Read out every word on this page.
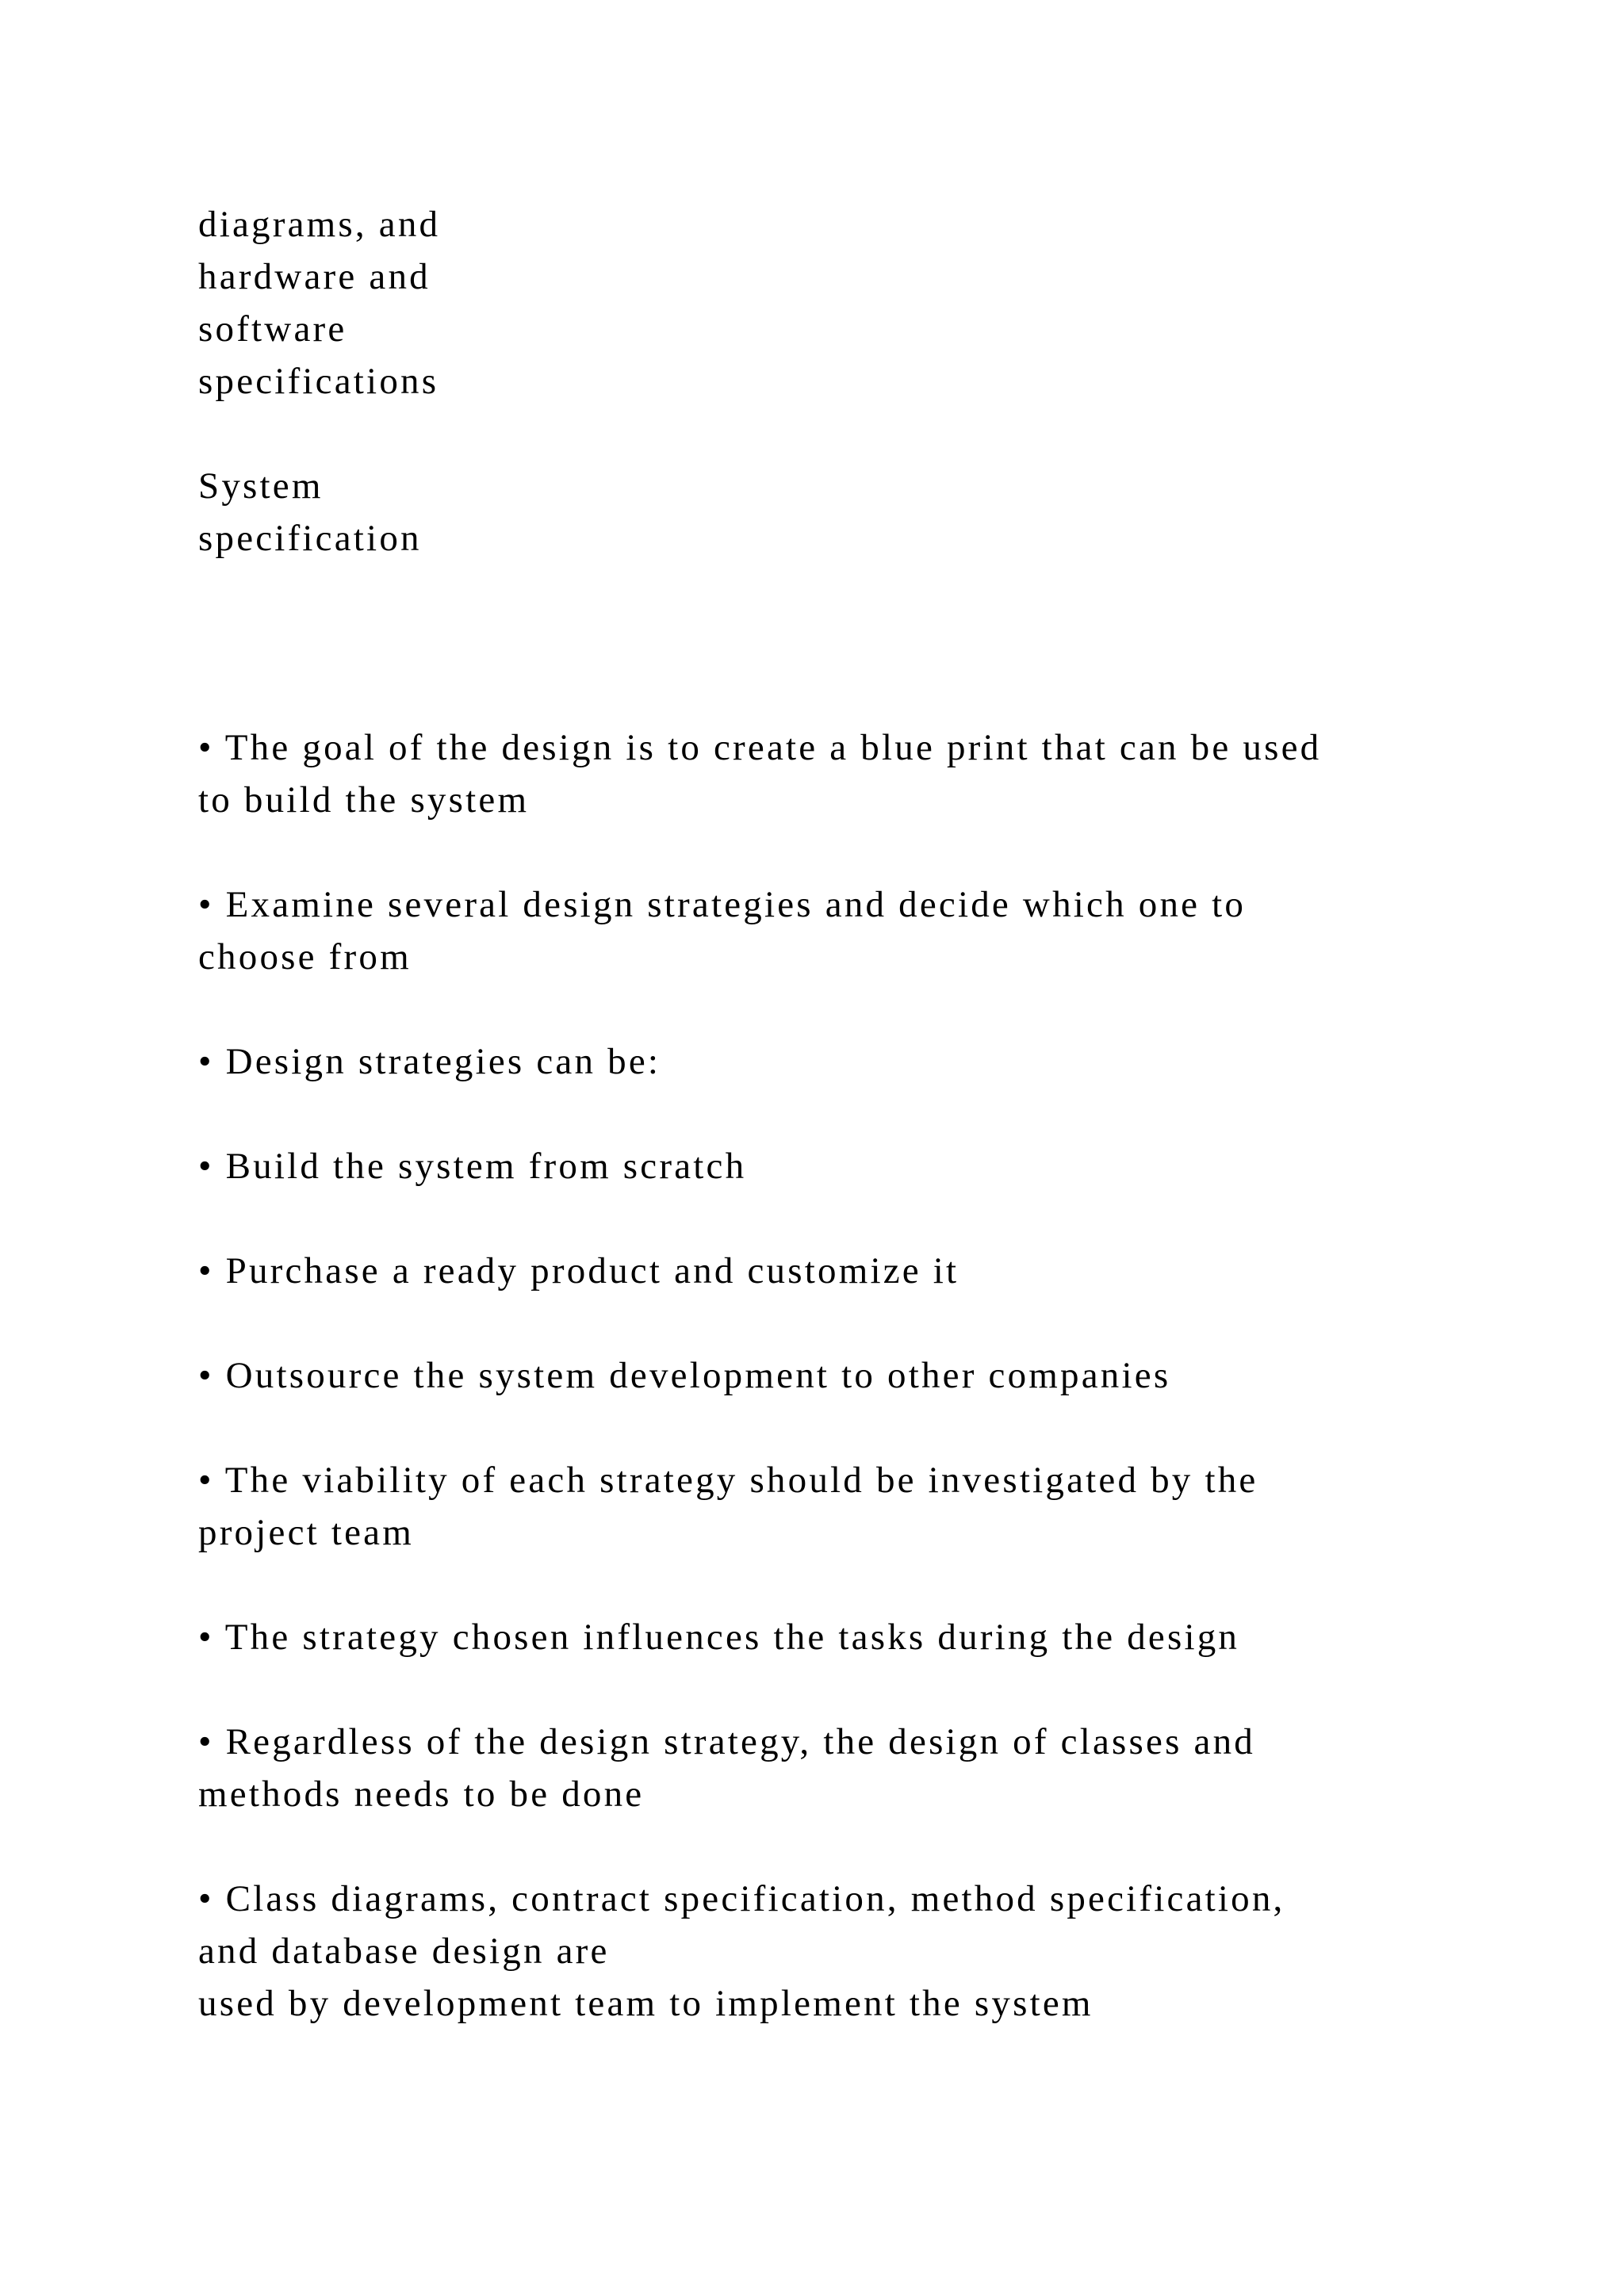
diagrams, and

hardware and

software

specifications

System

specification

• The goal of the design is to create a blue print that can be used

to build the system

• Examine several design strategies and decide which one to

choose from

• Design strategies can be:

• Build the system from scratch

• Purchase a ready product and customize it

• Outsource the system development to other companies

• The viability of each strategy should be investigated by the

project team

• The strategy chosen influences the tasks during the design

• Regardless of the design strategy, the design of classes and

methods needs to be done

• Class diagrams, contract specification, method specification,

and database design are

used by development team to implement the system
